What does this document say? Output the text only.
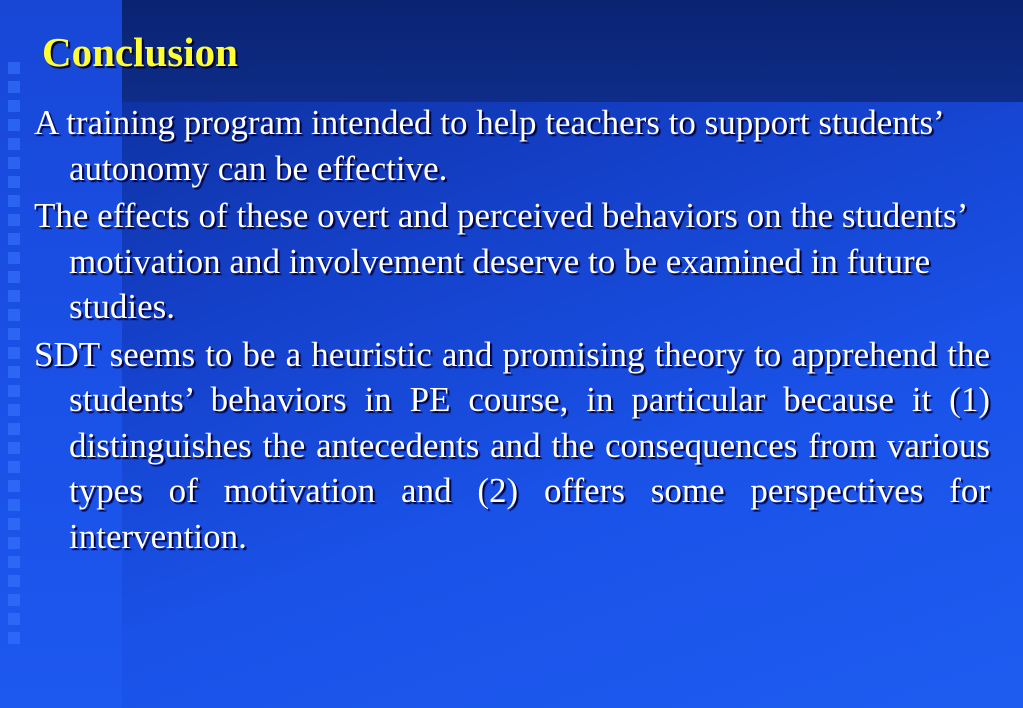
Conclusion

A training program intended to help teachers to support students’ autonomy can be effective.

The effects of these overt and perceived behaviors on the students’ motivation and involvement deserve to be examined in future studies.

SDT seems to be a heuristic and promising theory to apprehend the students’ behaviors in PE course, in particular because it (1) distinguishes the antecedents and the consequences from various types of motivation and (2) offers some perspectives for intervention.
